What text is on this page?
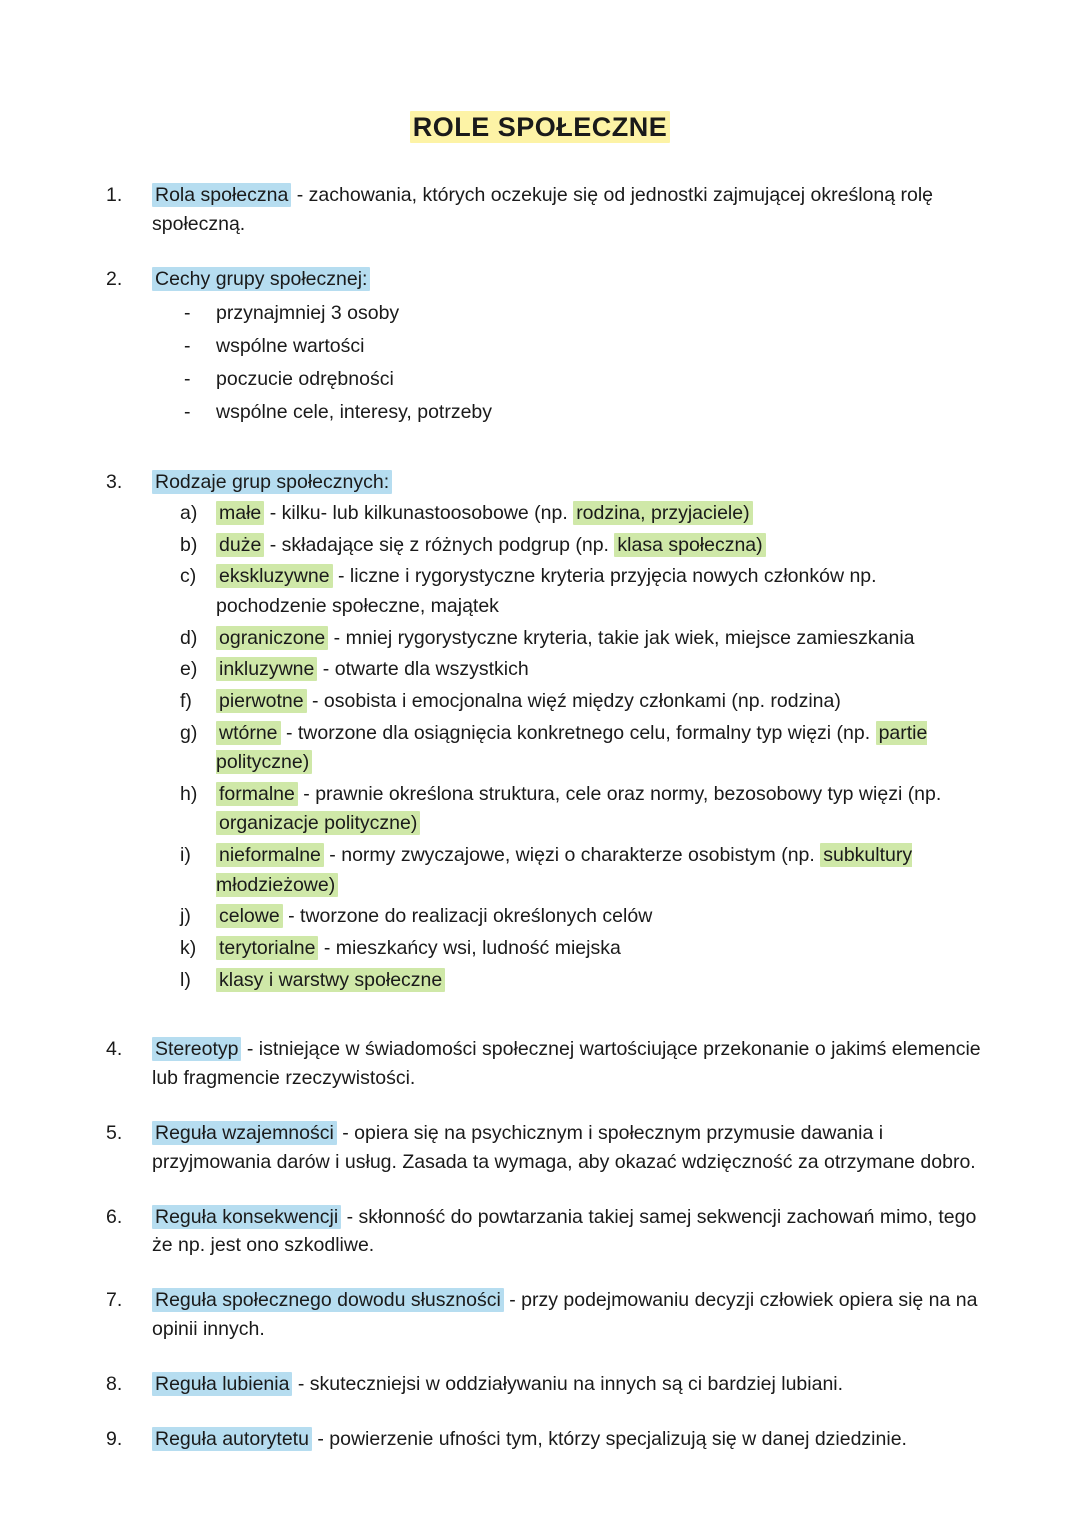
ROLE SPOŁECZNE
1.	Rola społeczna - zachowania, których oczekuje się od jednostki zajmującej określoną rolę społeczną.
2.	Cechy grupy społecznej:
- przynajmniej 3 osoby
- wspólne wartości
- poczucie odrębności
- wspólne cele, interesy, potrzeby
3.	Rodzaje grup społecznych:
a)	małe - kilku- lub kilkunastoosobowe (np. rodzina, przyjaciele)
b)	duże - składające się z różnych podgrup (np. klasa społeczna)
c)	ekskluzywne - liczne i rygorystyczne kryteria przyjęcia nowych członków np. pochodzenie społeczne, majątek
d)	ograniczone - mniej rygorystyczne kryteria, takie jak wiek, miejsce zamieszkania
e)	inkluzywne - otwarte dla wszystkich
f)	pierwotne - osobista i emocjonalna więź między członkami (np. rodzina)
g)	wtórne - tworzone dla osiągnięcia konkretnego celu, formalny typ więzi (np. partie polityczne)
h)	formalne - prawnie określona struktura, cele oraz normy, bezosobowy typ więzi (np. organizacje polityczne)
i)	nieformalne - normy zwyczajowe, więzi o charakterze osobistym (np. subkultury młodzieżowe)
j)	celowe - tworzone do realizacji określonych celów
k)	terytorialne - mieszkańcy wsi, ludność miejska
l)	klasy i warstwy społeczne
4.	Stereotyp - istniejące w świadomości społecznej wartościujące przekonanie o jakimś elemencie lub fragmencie rzeczywistości.
5.	Reguła wzajemności - opiera się na psychicznym i społecznym przymusie dawania i przyjmowania darów i usług. Zasada ta wymaga, aby okazać wdzięczność za otrzymane dobro.
6.	Reguła konsekwencji - skłonność do powtarzania takiej samej sekwencji zachowań mimo, tego że np. jest ono szkodliwe.
7.	Reguła społecznego dowodu słuszności - przy podejmowaniu decyzji człowiek opiera się na na opinii innych.
8.	Reguła lubienia - skuteczniejsi w oddziaływaniu na innych są ci bardziej lubiani.
9.	Reguła autorytetu - powierzenie ufności tym, którzy specjalizują się w danej dziedzinie.
